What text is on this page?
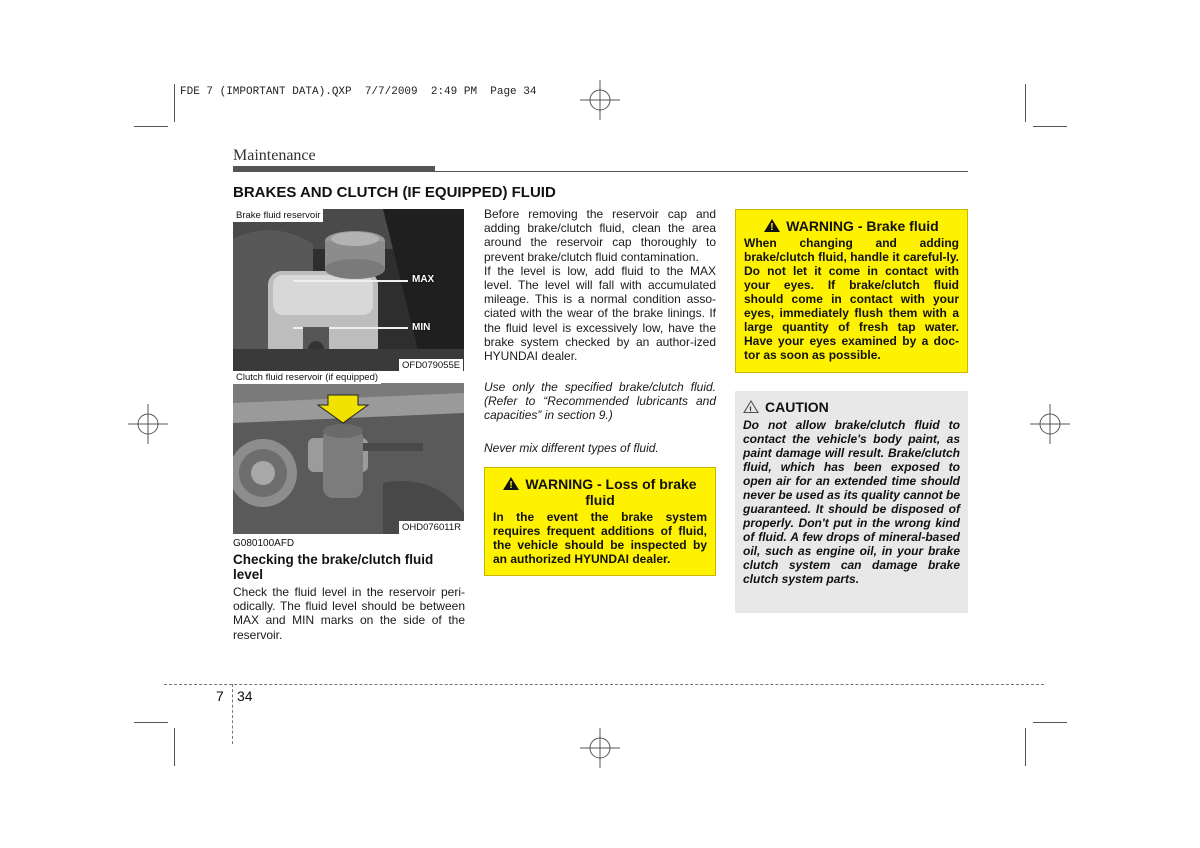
FDE 7 (IMPORTANT DATA).QXP  7/7/2009  2:49 PM  Page 34
Maintenance
BRAKES AND CLUTCH (IF EQUIPPED) FLUID
Brake fluid reservoir
MAX
MIN
OFD079055E
Clutch fluid reservoir (if equipped)
OHD076011R
G080100AFD
Checking the brake/clutch fluid level
Check the fluid level in the reservoir peri-odically. The fluid level should be between MAX and MIN marks on the side of the reservoir.

Before removing the reservoir cap and adding brake/clutch fluid, clean the area around the reservoir cap thoroughly to prevent brake/clutch fluid contamination.

If the level is low, add fluid to the MAX level. The level will fall with accumulated mileage. This is a normal condition asso-ciated with the wear of the brake linings. If the fluid level is excessively low, have the brake system checked by an author-ized HYUNDAI dealer.

Use only the specified brake/clutch fluid. (Refer to “Recommended lubricants and capacities” in section 9.)
Never mix different types of fluid.
!WARNING - Loss of brake fluid
In the event the brake system requires frequent additions of fluid, the vehicle should be inspected by an authorized HYUNDAI dealer.
!WARNING - Brake fluid
When changing and adding brake/clutch fluid, handle it careful-ly. Do not let it come in contact with your eyes. If brake/clutch fluid should come in contact with your eyes, immediately flush them with a large quantity of fresh tap water. Have your eyes examined by a doc-tor as soon as possible.
! CAUTION
Do not allow brake/clutch fluid to contact the vehicle's body paint, as paint damage will result. Brake/clutch fluid, which has been exposed to open air for an extended time should never be used as its quality cannot be guaranteed. It should be disposed of properly. Don't put in the wrong kind of fluid. A few drops of mineral-based oil, such as engine oil, in your brake clutch system can damage brake clutch system parts.
7 34
